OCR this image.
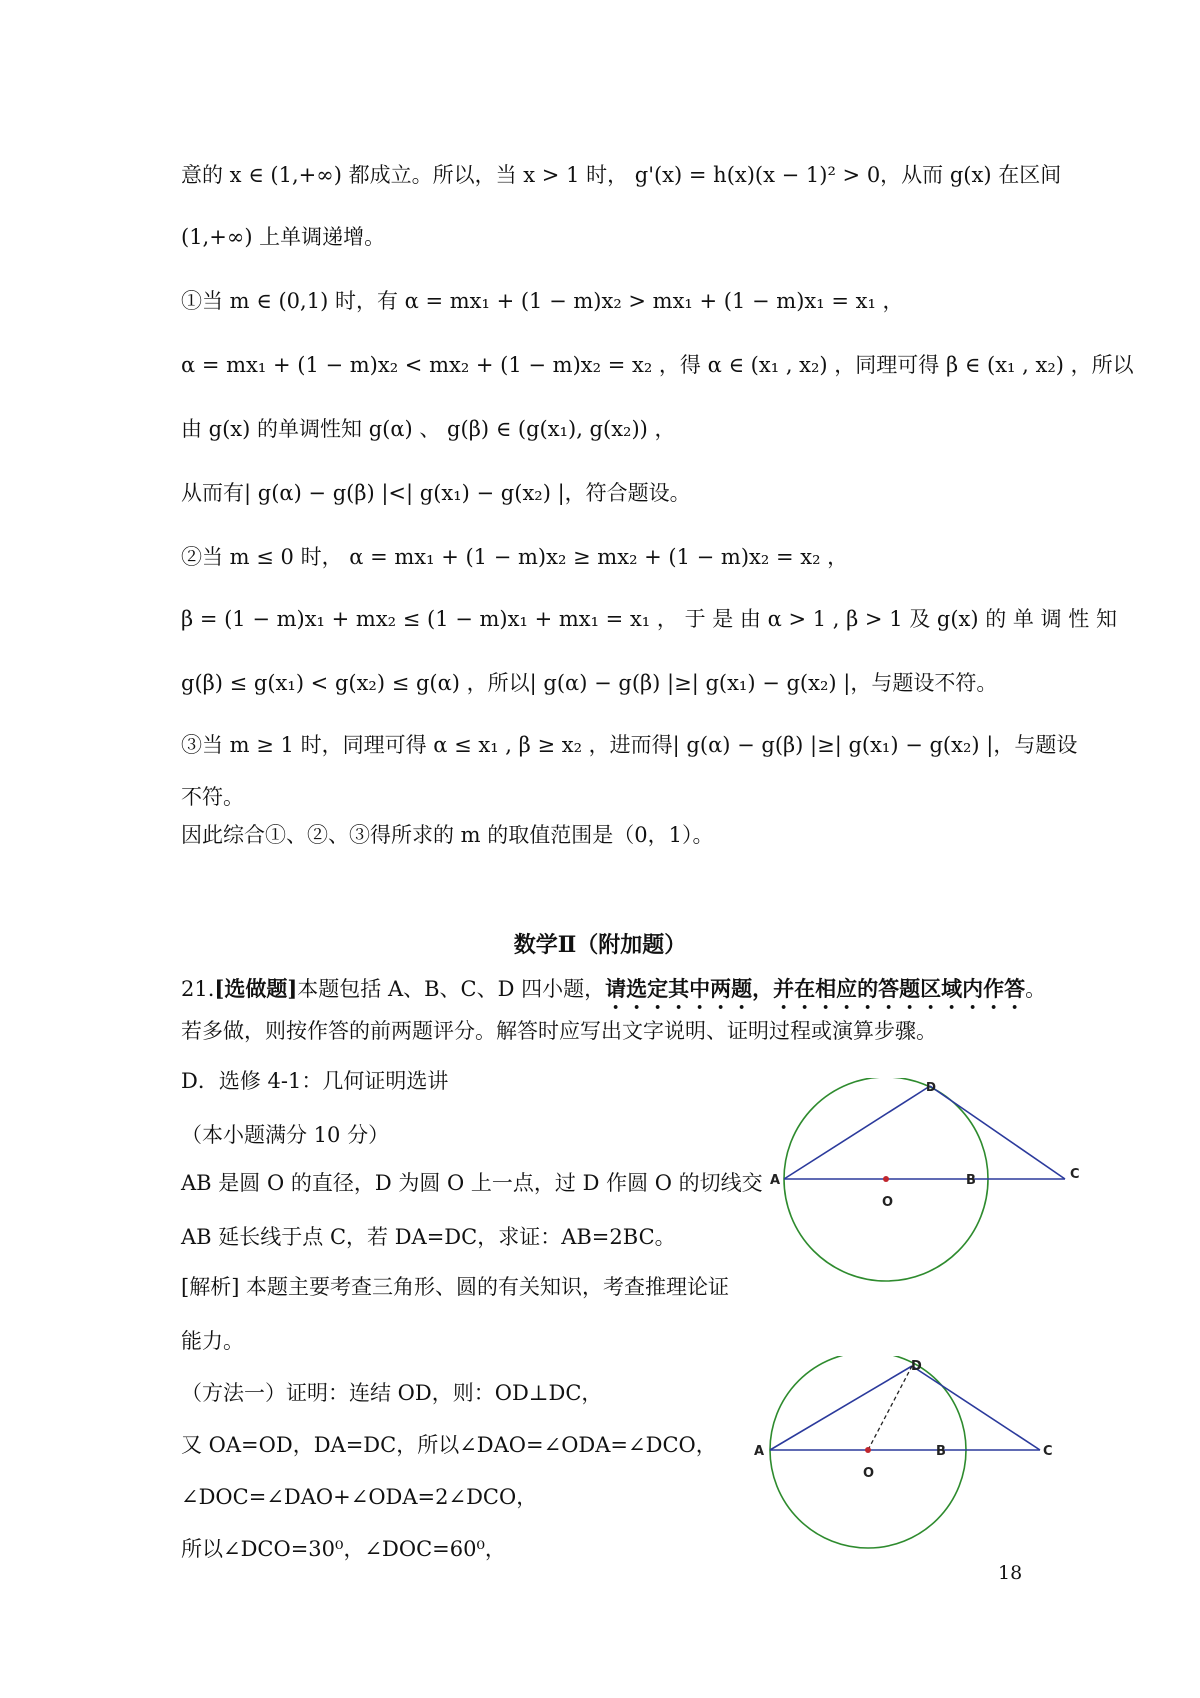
意的 x ∈ (1,+∞) 都成立。所以，当 x > 1 时， g'(x) = h(x)(x − 1)² > 0，从而 g(x) 在区间
(1,+∞) 上单调递增。
①当 m ∈ (0,1) 时，有 α = mx₁ + (1 − m)x₂ > mx₁ + (1 − m)x₁ = x₁ ，
α = mx₁ + (1 − m)x₂ < mx₂ + (1 − m)x₂ = x₂ ，得 α ∈ (x₁ , x₂) ，同理可得 β ∈ (x₁ , x₂) ，所以
由 g(x) 的单调性知 g(α) 、 g(β) ∈ (g(x₁), g(x₂)) ，
从而有| g(α) − g(β) |<| g(x₁) − g(x₂) |，符合题设。
②当 m ≤ 0 时， α = mx₁ + (1 − m)x₂ ≥ mx₂ + (1 − m)x₂ = x₂ ，
β = (1 − m)x₁ + mx₂ ≤ (1 − m)x₁ + mx₁ = x₁ ， 于 是 由 α > 1 , β > 1 及 g(x) 的 单 调 性 知
g(β) ≤ g(x₁) < g(x₂) ≤ g(α) ，所以| g(α) − g(β) |≥| g(x₁) − g(x₂) |，与题设不符。
③当 m ≥ 1 时，同理可得 α ≤ x₁ , β ≥ x₂ ，进而得| g(α) − g(β) |≥| g(x₁) − g(x₂) |，与题设
不符。
因此综合①、②、③得所求的 m 的取值范围是（0，1）。
数学Ⅱ（附加题）
21.[选做题]本题包括 A、B、C、D 四小题，请选定其中两题，并在相应的答题区域内作答。
若多做，则按作答的前两题评分。解答时应写出文字说明、证明过程或演算步骤。
D．选修 4-1：几何证明选讲
（本小题满分 10 分）
AB 是圆 O 的直径，D 为圆 O 上一点，过 D 作圆 O 的切线交
AB 延长线于点 C，若 DA=DC，求证：AB=2BC。
[解析] 本题主要考查三角形、圆的有关知识，考查推理论证
能力。
（方法一）证明：连结 OD，则：OD⊥DC，
又 OA=OD，DA=DC，所以∠DAO=∠ODA=∠DCO，
∠DOC=∠DAO+∠ODA=2∠DCO，
所以∠DCO=30⁰，∠DOC=60⁰，
A	B	C
D
O
A	B	C
D
O
18
